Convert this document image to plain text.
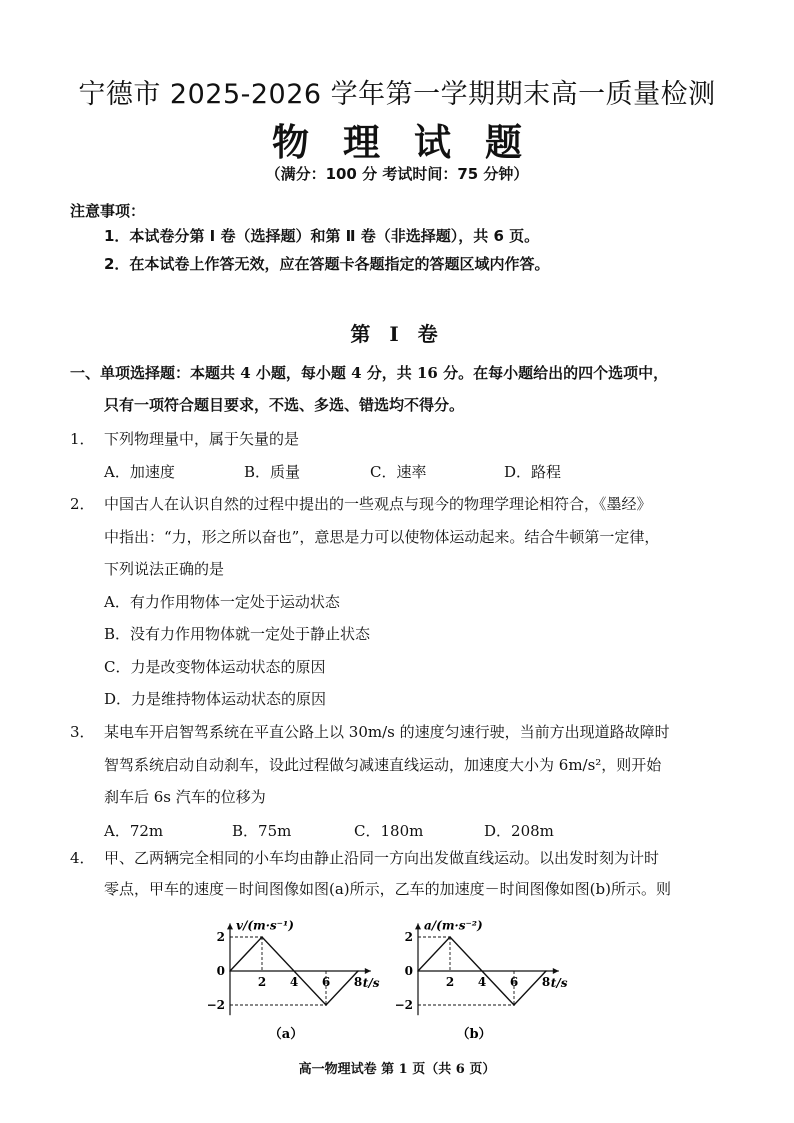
宁德市 2025-2026 学年第一学期期末高一质量检测
物理试题
（满分：100 分 考试时间：75 分钟）
注意事项：
1．本试卷分第 Ⅰ 卷（选择题）和第 Ⅱ 卷（非选择题），共 6 页。
2．在本试卷上作答无效，应在答题卡各题指定的答题区域内作答。
第 Ⅰ 卷
一、单项选择题：本题共 4 小题，每小题 4 分，共 16 分。在每小题给出的四个选项中，
只有一项符合题目要求，不选、多选、错选均不得分。
1． 下列物理量中，属于矢量的是
A．加速度	B．质量	C．速率	D．路程
2． 中国古人在认识自然的过程中提出的一些观点与现今的物理学理论相符合，《墨经》
中指出：“力，形之所以奋也”，意思是力可以使物体运动起来。结合牛顿第一定律，
下列说法正确的是
A．有力作用物体一定处于运动状态
B．没有力作用物体就一定处于静止状态
C．力是改变物体运动状态的原因
D．力是维持物体运动状态的原因
3． 某电车开启智驾系统在平直公路上以 30m/s 的速度匀速行驶，当前方出现道路故障时
智驾系统启动自动刹车，设此过程做匀减速直线运动，加速度大小为 6m/s²，则开始
刹车后 6s 汽车的位移为
A．72m	B．75m	C．180m	D．208m
4． 甲、乙两辆完全相同的小车均由静止沿同一方向出发做直线运动。以出发时刻为计时
零点，甲车的速度－时间图像如图(a)所示，乙车的加速度－时间图像如图(b)所示。则
v/(m·s⁻¹)
t/s
2
0
−2
2 4 6 8
（a）
a/(m·s⁻²)
t/s
2
0
−2
2 4 6 8
（b）
高一物理试卷 第 1 页（共 6 页）
